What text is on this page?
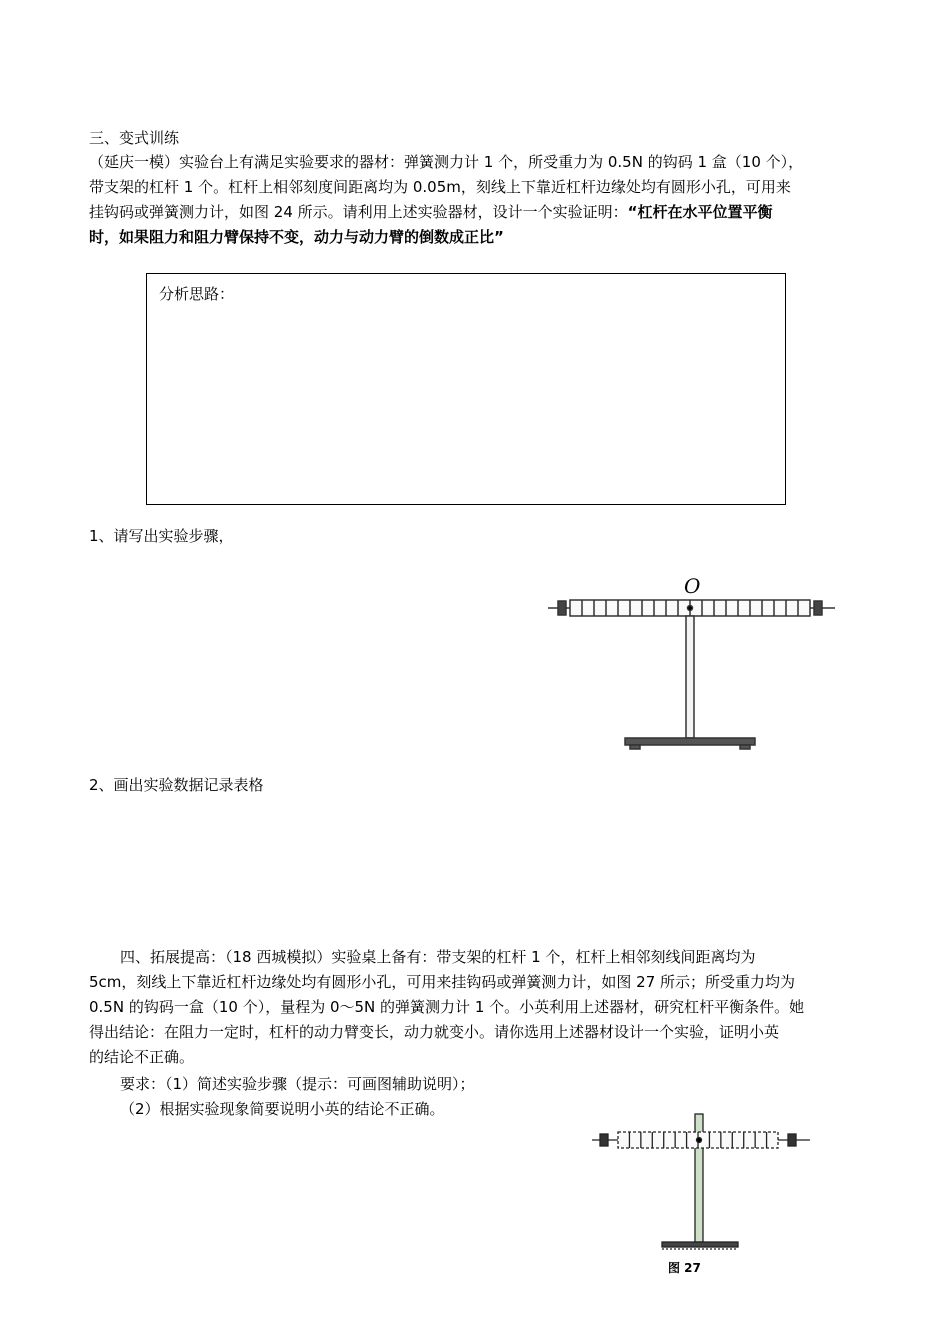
三、变式训练
（延庆一模）实验台上有满足实验要求的器材：弹簧测力计 1 个，所受重力为 0.5N 的钩码 1 盒（10 个），
带支架的杠杆 1 个。杠杆上相邻刻度间距离均为 0.05m，刻线上下靠近杠杆边缘处均有圆形小孔，可用来
挂钩码或弹簧测力计，如图 24 所示。请利用上述实验器材，设计一个实验证明：“杠杆在水平位置平衡
时，如果阻力和阻力臂保持不变，动力与动力臂的倒数成正比”
分析思路：
1、请写出实验步骤，
O
2、画出实验数据记录表格
四、拓展提高：（18 西城模拟）实验桌上备有：带支架的杠杆 1 个，杠杆上相邻刻线间距离均为
5cm，刻线上下靠近杠杆边缘处均有圆形小孔，可用来挂钩码或弹簧测力计，如图 27 所示；所受重力均为
0.5N 的钩码一盒（10 个），量程为 0～5N 的弹簧测力计 1 个。小英利用上述器材，研究杠杆平衡条件。她
得出结论：在阻力一定时，杠杆的动力臂变长，动力就变小。请你选用上述器材设计一个实验，证明小英
的结论不正确。
要求：（1）简述实验步骤（提示：可画图辅助说明）；
（2）根据实验现象简要说明小英的结论不正确。
图 27
